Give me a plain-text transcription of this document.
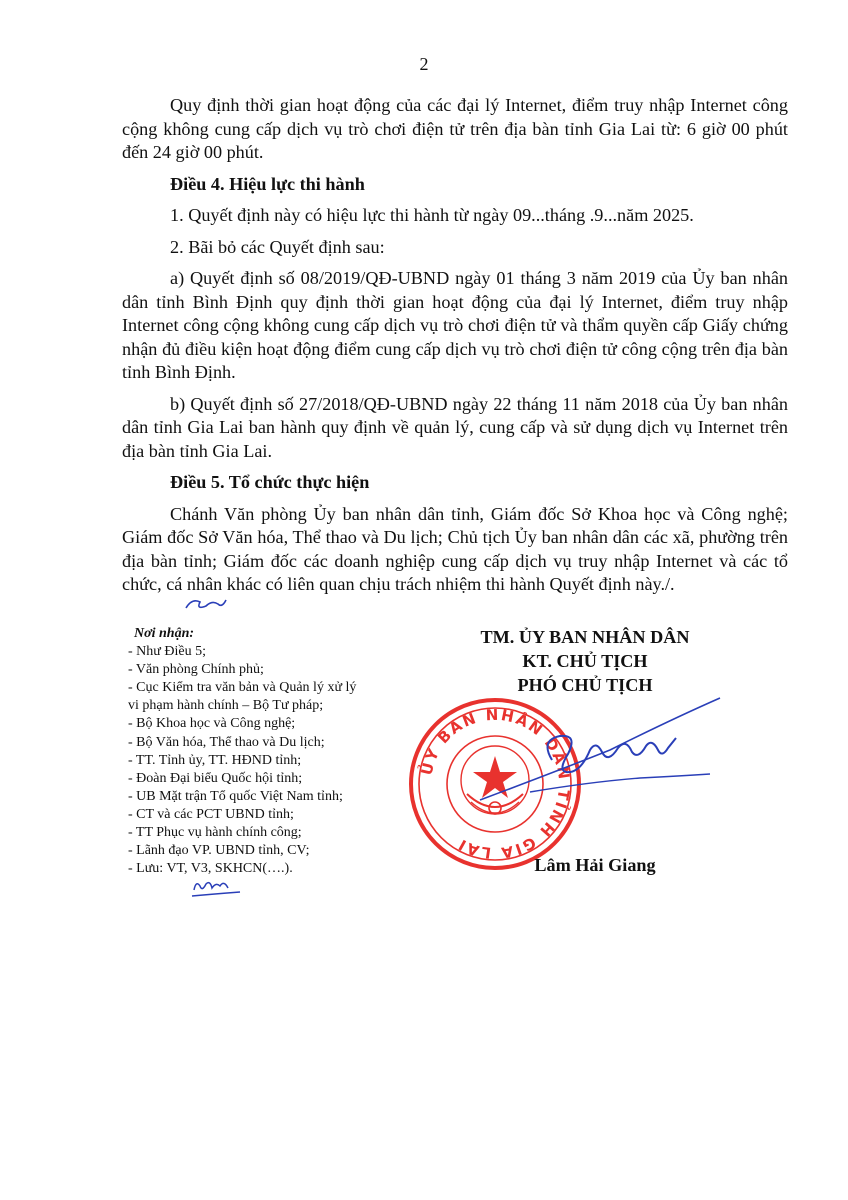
2

Quy định thời gian hoạt động của các đại lý Internet, điểm truy nhập Internet công cộng không cung cấp dịch vụ trò chơi điện tử trên địa bàn tỉnh Gia Lai từ: 6 giờ 00 phút đến 24 giờ 00 phút.

Điều 4. Hiệu lực thi hành

1. Quyết định này có hiệu lực thi hành từ ngày 09...tháng .9...năm 2025.

2. Bãi bỏ các Quyết định sau:

a) Quyết định số 08/2019/QĐ-UBND ngày 01 tháng 3 năm 2019 của Ủy ban nhân dân tỉnh Bình Định quy định thời gian hoạt động của đại lý Internet, điểm truy nhập Internet công cộng không cung cấp dịch vụ trò chơi điện tử và thẩm quyền cấp Giấy chứng nhận đủ điều kiện hoạt động điểm cung cấp dịch vụ trò chơi điện tử công cộng trên địa bàn tỉnh Bình Định.

b) Quyết định số 27/2018/QĐ-UBND ngày 22 tháng 11 năm 2018 của Ủy ban nhân dân tỉnh Gia Lai ban hành quy định về quản lý, cung cấp và sử dụng dịch vụ Internet trên địa bàn tỉnh Gia Lai.

Điều 5. Tổ chức thực hiện

Chánh Văn phòng Ủy ban nhân dân tỉnh, Giám đốc Sở Khoa học và Công nghệ; Giám đốc Sở Văn hóa, Thể thao và Du lịch; Chủ tịch Ủy ban nhân dân các xã, phường trên địa bàn tỉnh; Giám đốc các doanh nghiệp cung cấp dịch vụ truy nhập Internet và các tổ chức, cá nhân khác có liên quan chịu trách nhiệm thi hành Quyết định này./.

Nơi nhận:
- Như Điều 5;
- Văn phòng Chính phủ;
- Cục Kiểm tra văn bản và Quản lý xử lý
vi phạm hành chính – Bộ Tư pháp;
- Bộ Khoa học và Công nghệ;
- Bộ Văn hóa, Thể thao và Du lịch;
- TT. Tỉnh ủy, TT. HĐND tỉnh;
- Đoàn Đại biểu Quốc hội tỉnh;
- UB Mặt trận Tổ quốc Việt Nam tỉnh;
- CT và các PCT UBND tỉnh;
- TT Phục vụ hành chính công;
- Lãnh đạo VP. UBND tỉnh, CV;
- Lưu: VT, V3, SKHCN(….).
TM. ỦY BAN NHÂN DÂN
KT. CHỦ TỊCH
PHÓ CHỦ TỊCH
ỦY BAN NHÂN DÂN TỈNH GIA LAI
Lâm Hải Giang
